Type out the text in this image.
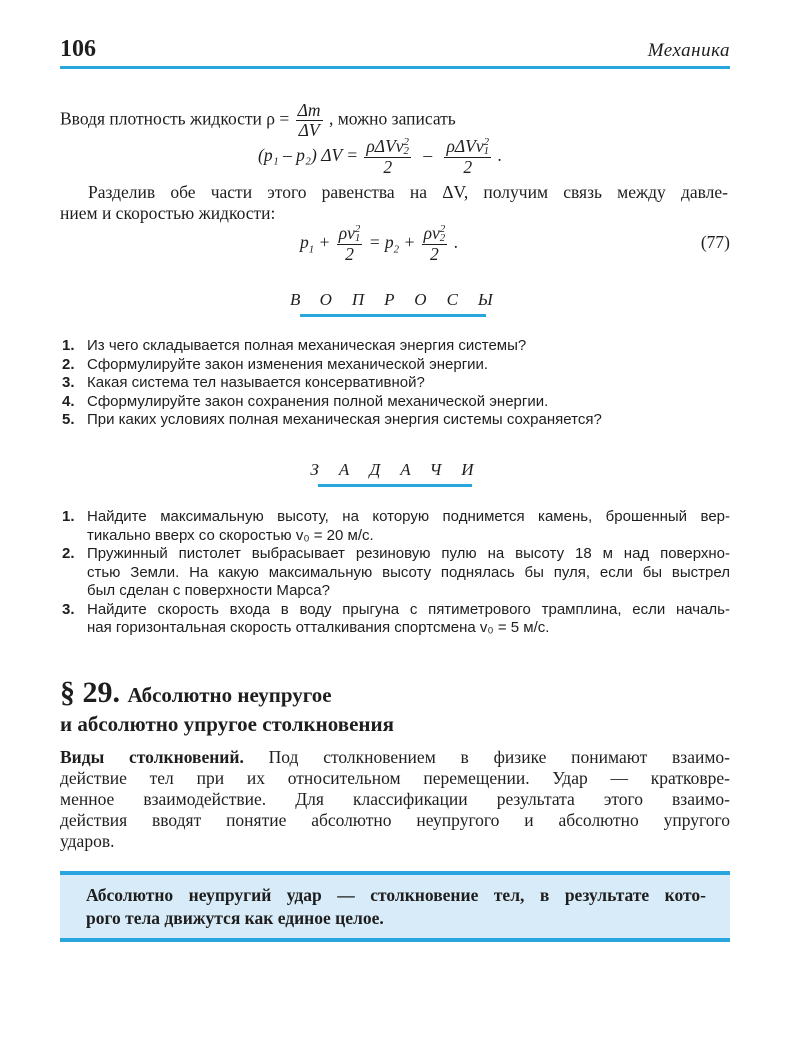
106	Механика
Вводя плотность жидкости $\rho = \frac{\Delta m}{\Delta V}$ , можно записать
(p₁ – p₂) ΔV = ρΔVv 2
2
2 – ρΔVv 2
1
2 .
Разделив обе части этого равенства на ΔV, получим связь между давле-
нием и скоростью жидкости:
$p_1 + \rho v$ 2
1
$2 = p_2 + \rho v$ 2
2
2 .	(77)
ВОПРОСЫ
1. Из чего складывается полная механическая энергия системы?
2. Сформулируйте закон изменения механической энергии.
3. Какая система тел называется консервативной?
4. Сформулируйте закон сохранения полной механической энергии.
5. При каких условиях полная механическая энергия системы сохраняется?
ЗАДАЧИ
1. Найдите максимальную высоту, на которую поднимется камень, брошенный вер-
тикально вверх со скоростью v₀ = 20 м/с.
2. Пружинный пистолет выбрасывает резиновую пулю на высоту 18 м над поверхно-
стью Земли. На какую максимальную высоту поднялась бы пуля, если бы выстрел
был сделан с поверхности Марса?
3. Найдите скорость входа в воду прыгуна с пятиметрового трамплина, если началь-
ная горизонтальная скорость отталкивания спортсмена v₀ = 5 м/с.
§ 29. Абсолютно неупругое
и абсолютно упругое столкновения
Виды столкновений. Под столкновением в физике понимают взаимо-
действие тел при их относительном перемещении. Удар — кратковре-
менное взаимодействие. Для классификации результата этого взаимо-
действия вводят понятие абсолютно неупругого и абсолютно упругого
ударов.
Абсолютно неупругий удар — столкновение тел, в результате кото-
рого тела движутся как единое целое.
